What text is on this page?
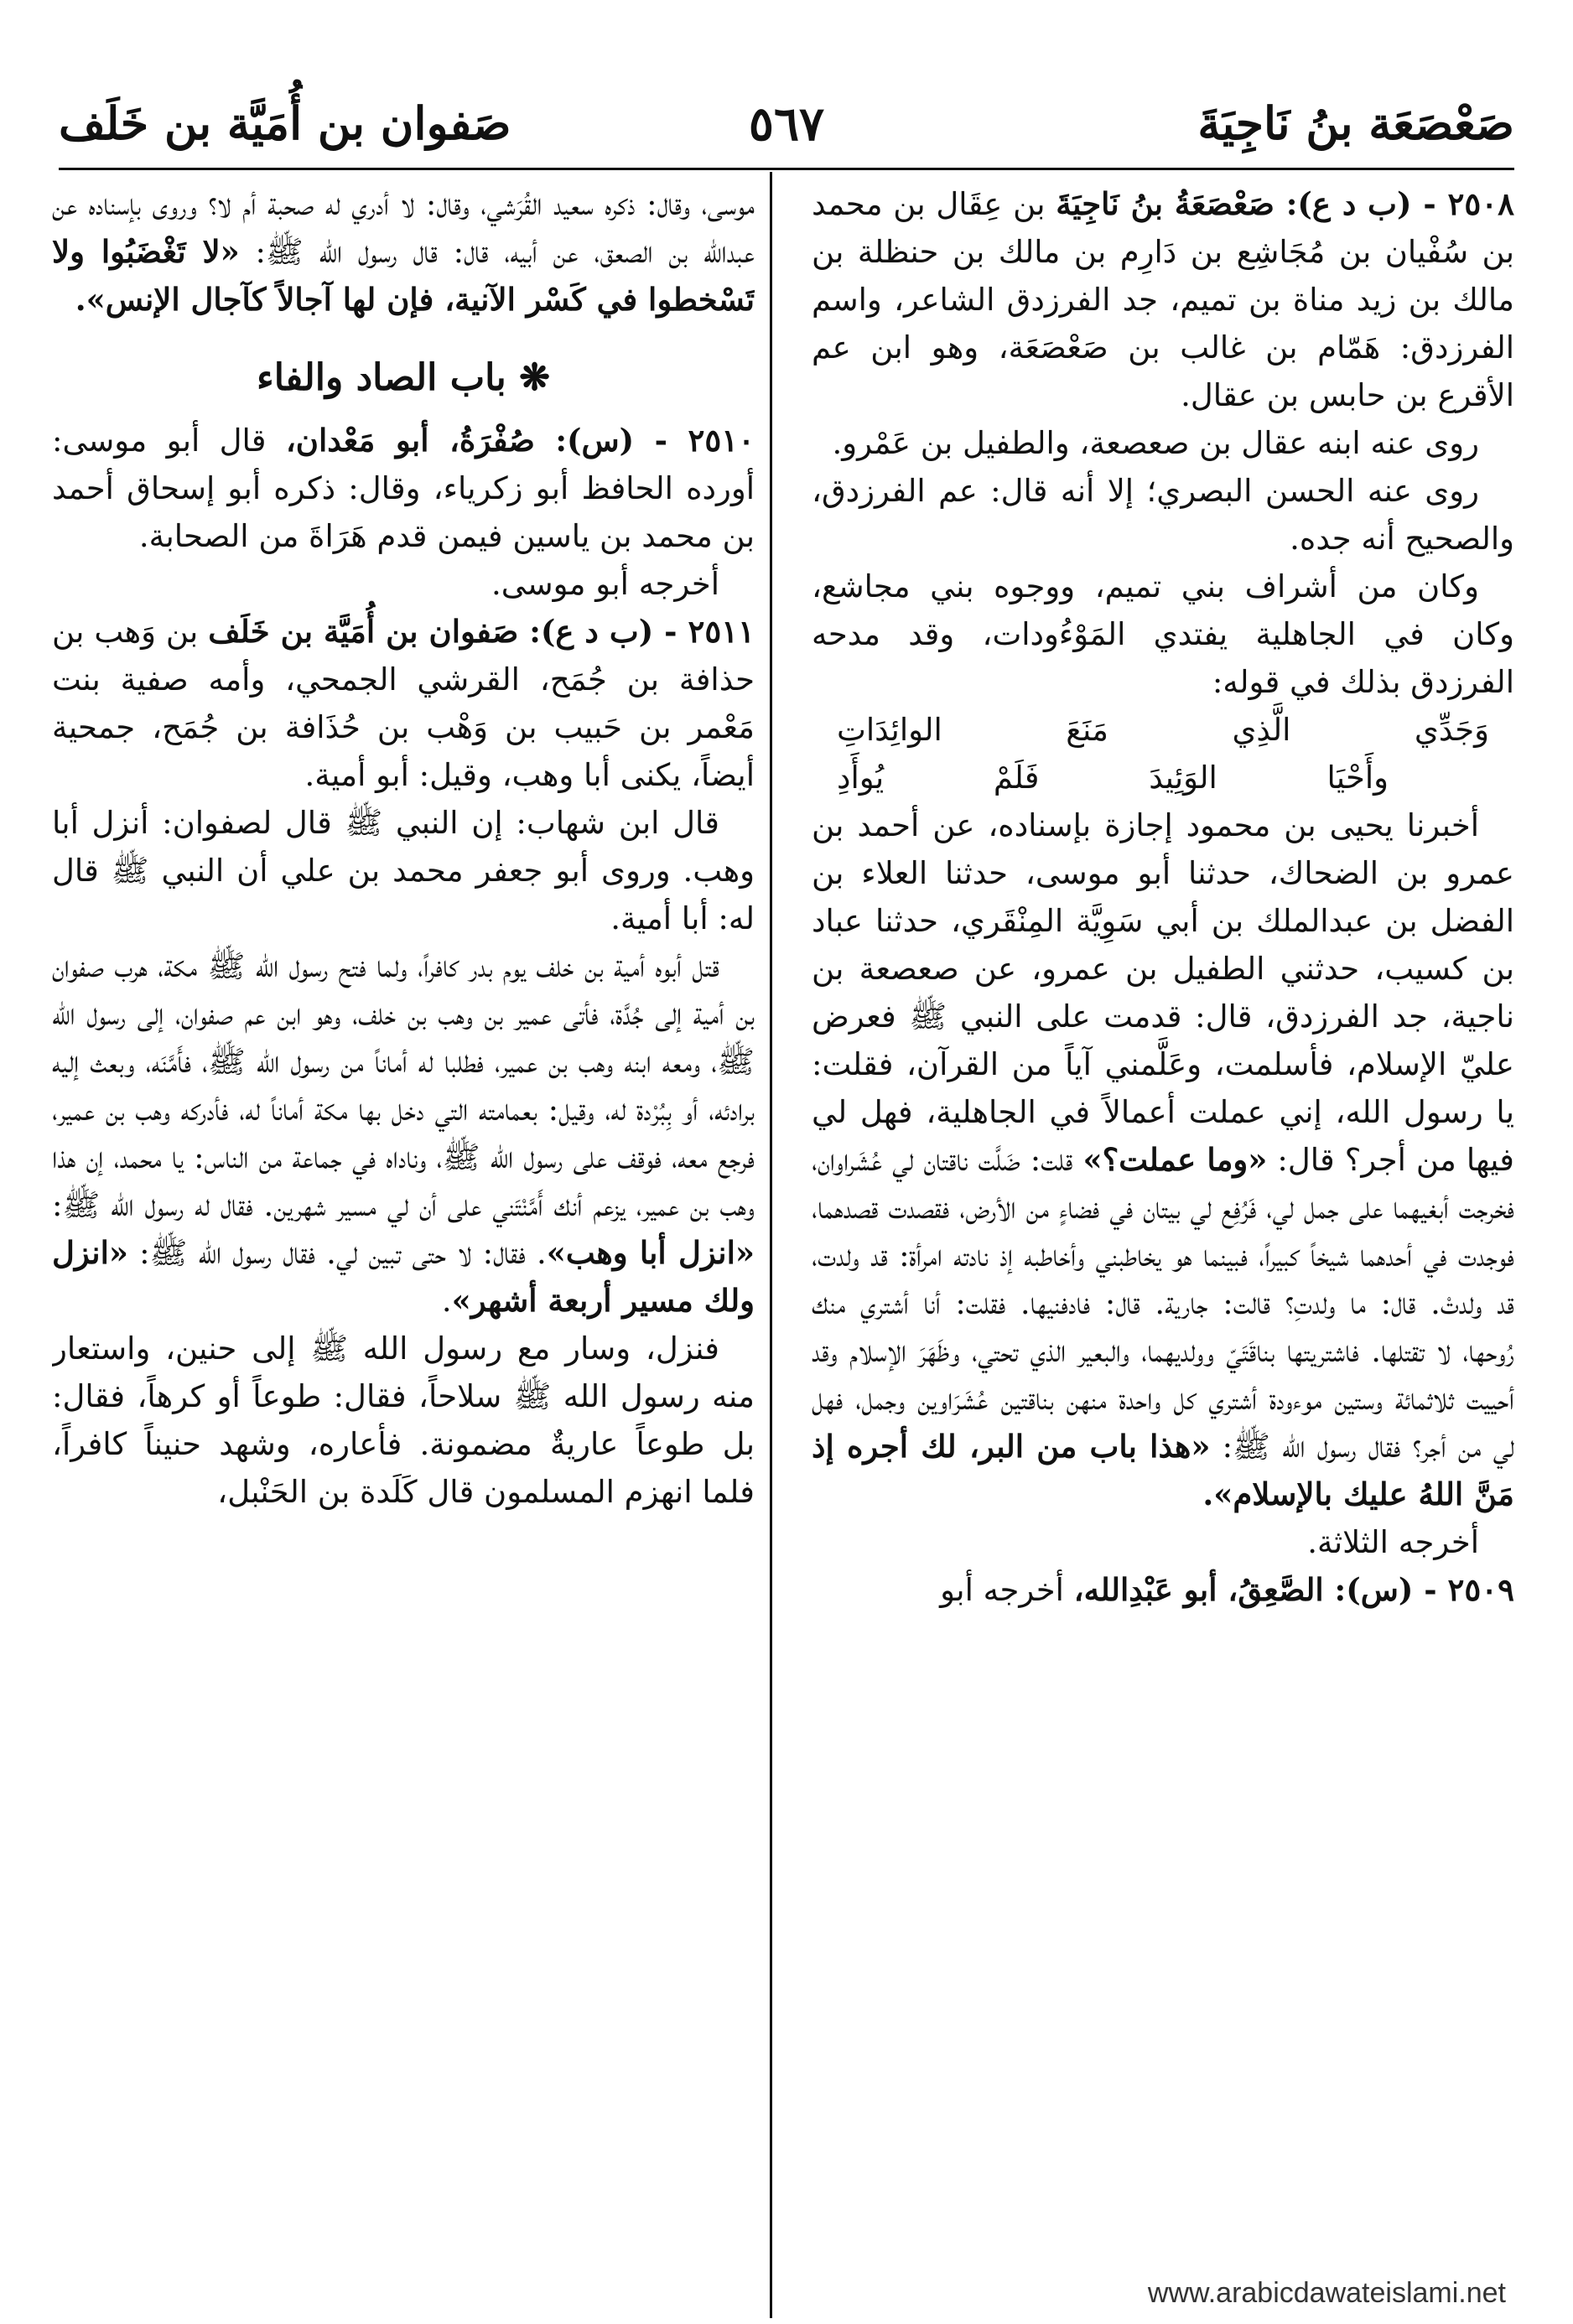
صَعْصَعَة بنُ نَاجِيَةَ
٥٦٧
صَفوان بن أُمَيَّة بن خَلَف

٢٥٠٨ - (ب د ع): صَعْصَعَةُ بنُ نَاجِيَةَ بن عِقَال بن محمد بن سُفْيان بن مُجَاشِع بن دَارِم بن مالك بن حنظلة بن مالك بن زيد مناة بن تميم، جد الفرزدق الشاعر، واسم الفرزدق: هَمّام بن غالب بن صَعْصَعَة، وهو ابن عم الأقرع بن حابس بن عقال.

روى عنه ابنه عقال بن صعصعة، والطفيل بن عَمْرو.

روى عنه الحسن البصري؛ إلا أنه قال: عم الفرزدق، والصحيح أنه جده.

وكان من أشراف بني تميم، ووجوه بني مجاشع، وكان في الجاهلية يفتدي المَوْءُودات، وقد مدحه الفرزدق بذلك في قوله:

وَجَدِّي الَّذِي مَنَعَ الوائِدَاتِ
وأَحْيَا الوَئِيدَ فَلَمْ يُوأَدِ

أخبرنا يحيى بن محمود إجازة بإسناده، عن أحمد بن عمرو بن الضحاك، حدثنا أبو موسى، حدثنا العلاء بن الفضل بن عبدالملك بن أبي سَوِيَّة المِنْقَري، حدثنا عباد بن كسيب، حدثني الطفيل بن عمرو، عن صعصعة بن ناجية، جد الفرزدق، قال: قدمت على النبي ﷺ فعرض عليّ الإسلام، فأسلمت، وعَلَّمني آياً من القرآن، فقلت: يا رسول الله، إني عملت أعمالاً في الجاهلية، فهل لي فيها من أجر؟ قال: «وما عملت؟» قلت: ضَلَّت ناقتان لي عُشَراوان، فخرجت أبغيهما على جمل لي، فَرُفِع لي بيتان في فضاءٍ من الأرض، فقصدت قصدهما، فوجدت في أحدهما شيخاً كبيراً، فبينما هو يخاطبني وأخاطبه إذ نادته امرأة: قد ولدت، قد ولدتْ. قال: ما ولدتِ؟ قالت: جارية. قال: فادفنيها. فقلت: أنا أشتري منك رُوحها، لا تقتلها. فاشتريتها بناقَتَيّ وولديهما، والبعير الذي تحتي، وظَهَرَ الإسلام وقد أحييت ثلاثمائة وستين موءودة أشتري كل واحدة منهن بناقتين عُشَرَاوين وجمل، فهل لي من أجر؟ فقال رسول الله ﷺ: «هذا باب من البر، لك أجره إذ مَنَّ اللهُ عليك بالإسلام».

أخرجه الثلاثة.

٢٥٠٩ - (س): الصَّعِقُ، أبو عَبْدِالله، أخرجه أبو

موسى، وقال: ذكره سعيد القُرَشي، وقال: لا أدري له صحبة أم لا؟ وروى بإسناده عن عبدالله بن الصعق، عن أبيه، قال: قال رسول الله ﷺ: «لا تَغْضَبُوا ولا تَسْخطوا في كَسْر الآنية، فإن لها آجالاً كآجال الإنس».

❋ باب الصاد والفاء

٢٥١٠ - (س): صُفْرَةُ، أبو مَعْدان، قال أبو موسى: أورده الحافظ أبو زكرياء، وقال: ذكره أبو إسحاق أحمد بن محمد بن ياسين فيمن قدم هَرَاةَ من الصحابة.

أخرجه أبو موسى.

٢٥١١ - (ب د ع): صَفوان بن أُمَيَّة بن خَلَف بن وَهب بن حذافة بن جُمَح، القرشي الجمحي، وأمه صفية بنت مَعْمر بن حَبيب بن وَهْب بن حُذَافة بن جُمَح، جمحية أيضاً، يكنى أبا وهب، وقيل: أبو أمية.

قال ابن شهاب: إن النبي ﷺ قال لصفوان: أنزل أبا وهب. وروى أبو جعفر محمد بن علي أن النبي ﷺ قال له: أبا أمية.

قتل أبوه أمية بن خلف يوم بدر كافراً، ولما فتح رسول الله ﷺ مكة، هرب صفوان بن أمية إلى جُدَّة، فأتى عمير بن وهب بن خلف، وهو ابن عم صفوان، إلى رسول الله ﷺ، ومعه ابنه وهب بن عمير، فطلبا له أماناً من رسول الله ﷺ، فأَمَّنَه، وبعث إليه برادئه، أو بِبُرْدة له، وقيل: بعمامته التي دخل بها مكة أماناً له، فأدركه وهب بن عمير، فرجع معه، فوقف على رسول الله ﷺ، وناداه في جماعة من الناس: يا محمد، إن هذا وهب بن عمير، يزعم أنك أَمَّنْتَني على أن لي مسير شهرين. فقال له رسول الله ﷺ: «انزل أبا وهب». فقال: لا حتى تبين لي. فقال رسول الله ﷺ: «انزل ولك مسير أربعة أشهر».

فنزل، وسار مع رسول الله ﷺ إلى حنين، واستعار منه رسول الله ﷺ سلاحاً، فقال: طوعاً أو كرهاً، فقال: بل طوعاً عاريةٌ مضمونة. فأعاره، وشهد حنيناً كافراً، فلما انهزم المسلمون قال كَلَدة بن الحَنْبل،

www.arabicdawateislami.net
